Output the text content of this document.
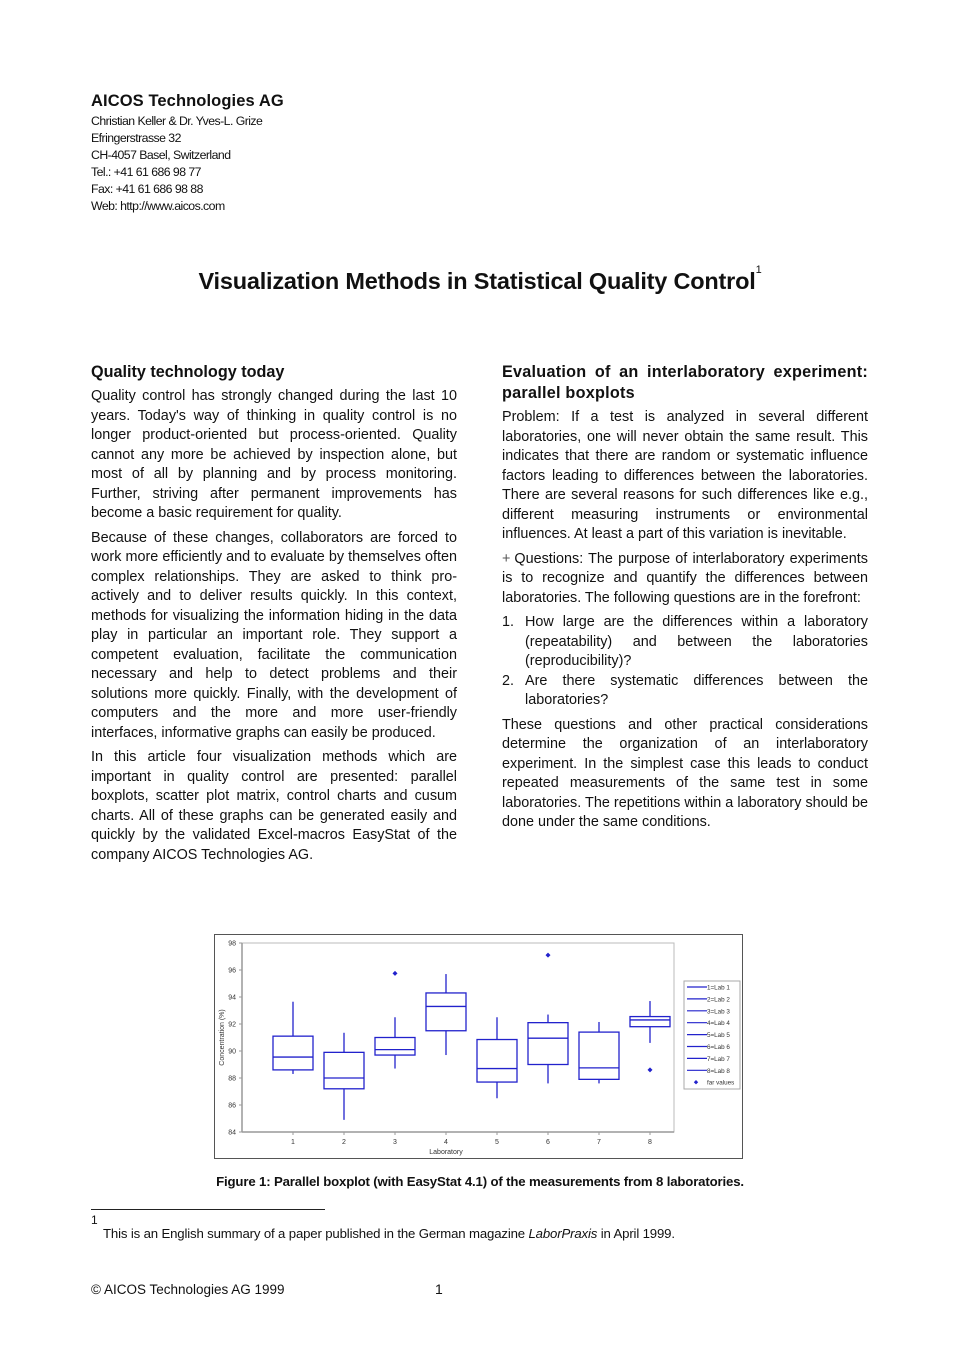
AICOS Technologies AG
Christian Keller & Dr. Yves-L. Grize
Efringerstrasse 32
CH-4057 Basel, Switzerland
Tel.: +41 61 686 98 77
Fax: +41 61 686 98 88
Web: http://www.aicos.com
Visualization Methods in Statistical Quality Control$^1$
Quality technology today

Quality control has strongly changed during the last 10 years. Today's way of thinking in quality control is no longer product-oriented but process-oriented. Quality cannot any more be achieved by inspection alone, but most of all by planning and by process monitoring. Further, striving after permanent improvements has become a basic requirement for quality.

Because of these changes, collaborators are forced to work more efficiently and to evaluate by themselves often complex relationships. They are asked to think pro-actively and to deliver results quickly. In this context, methods for visualizing the information hiding in the data play in particular an important role. They support a competent evaluation, facilitate the communication necessary and help to detect problems and their solutions more quickly. Finally, with the development of computers and the more and more user-friendly interfaces, informative graphs can easily be produced.

In this article four visualization methods which are important in quality control are presented: parallel boxplots, scatter plot matrix, control charts and cusum charts. All of these graphs can be generated easily and quickly by the validated Excel-macros EasyStat of the company AICOS Technologies AG.

Evaluation of an interlaboratory experiment: parallel boxplots

Problem: If a test is analyzed in several different laboratories, one will never obtain the same result. This indicates that there are random or systematic influence factors leading to differences between the laboratories. There are several reasons for such differences like e.g., different measuring instruments or environmental influences. At least a part of this variation is inevitable.

+ Questions: The purpose of interlaboratory experiments is to recognize and quantify the differences between laboratories. The following questions are in the forefront:

1. How large are the differences within a laboratory (repeatability) and between the laboratories (reproducibility)?
2. Are there systematic differences between the laboratories?

These questions and other practical considerations determine the organization of an interlaboratory experiment. In the simplest case this leads to conduct repeated measurements of the same test in some laboratories. The repetitions within a laboratory should be done under the same conditions.

84
86
88
90
92
94
96
98
Concentration (%)
1	2	3	4	5	6	7	8
Laboratory
1=Lab 1
2=Lab 2
3=Lab 3
4=Lab 4
5=Lab 5
6=Lab 6
7=Lab 7
8=Lab 8
far values
Figure 1: Parallel boxplot (with EasyStat 4.1) of the measurements from 8 laboratories.
1
This is an English summary of a paper published in the German magazine LaborPraxis in April 1999.
© AICOS Technologies AG 1999	1
